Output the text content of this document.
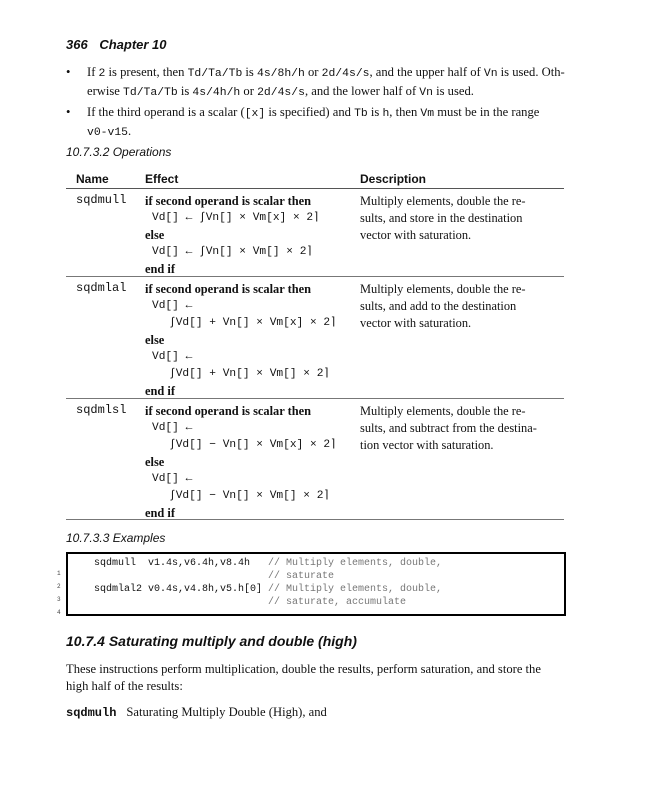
366 Chapter 10
• If 2 is present, then Td/Ta/Tb is 4s/8h/h or 2d/4s/s, and the upper half of Vn is used. Oth-
erwise Td/Ta/Tb is 4s/4h/h or 2d/4s/s, and the lower half of Vn is used.
• If the third operand is a scalar ([x] is specified) and Tb is h, then Vm must be in the range
v0-v15.
10.7.3.2 Operations
Name	Effect	Description
sqdmull if second operand is scalar then
Vd[] ← ∫Vn[] × Vm[x] × 2⌉
else
Vd[] ← ∫Vn[] × Vm[] × 2⌉
end if
Multiply elements, double the re-
sults, and store in the destination
vector with saturation.
sqdmlal if second operand is scalar then
Vd[] ←
∫Vd[] + Vn[] × Vm[x] × 2⌉
else
Vd[] ←
∫Vd[] + Vn[] × Vm[] × 2⌉
end if
Multiply elements, double the re-
sults, and add to the destination
vector with saturation.
sqdmlsl if second operand is scalar then
Vd[] ←
∫Vd[] − Vn[] × Vm[x] × 2⌉
else
Vd[] ←
∫Vd[] − Vn[] × Vm[] × 2⌉
end if
Multiply elements, double the re-
sults, and subtract from the destina-
tion vector with saturation.
10.7.3.3 Examples
1
2
3
4
sqdmull  v1.4s,v6.4h,v8.4h   // Multiply elements, double,
// saturate
sqdmlal2 v0.4s,v4.8h,v5.h[0] // Multiply elements, double,
// saturate, accumulate
10.7.4 Saturating multiply and double (high)
These instructions perform multiplication, double the results, perform saturation, and store the high half of the results:
sqdmulh Saturating Multiply Double (High), and
